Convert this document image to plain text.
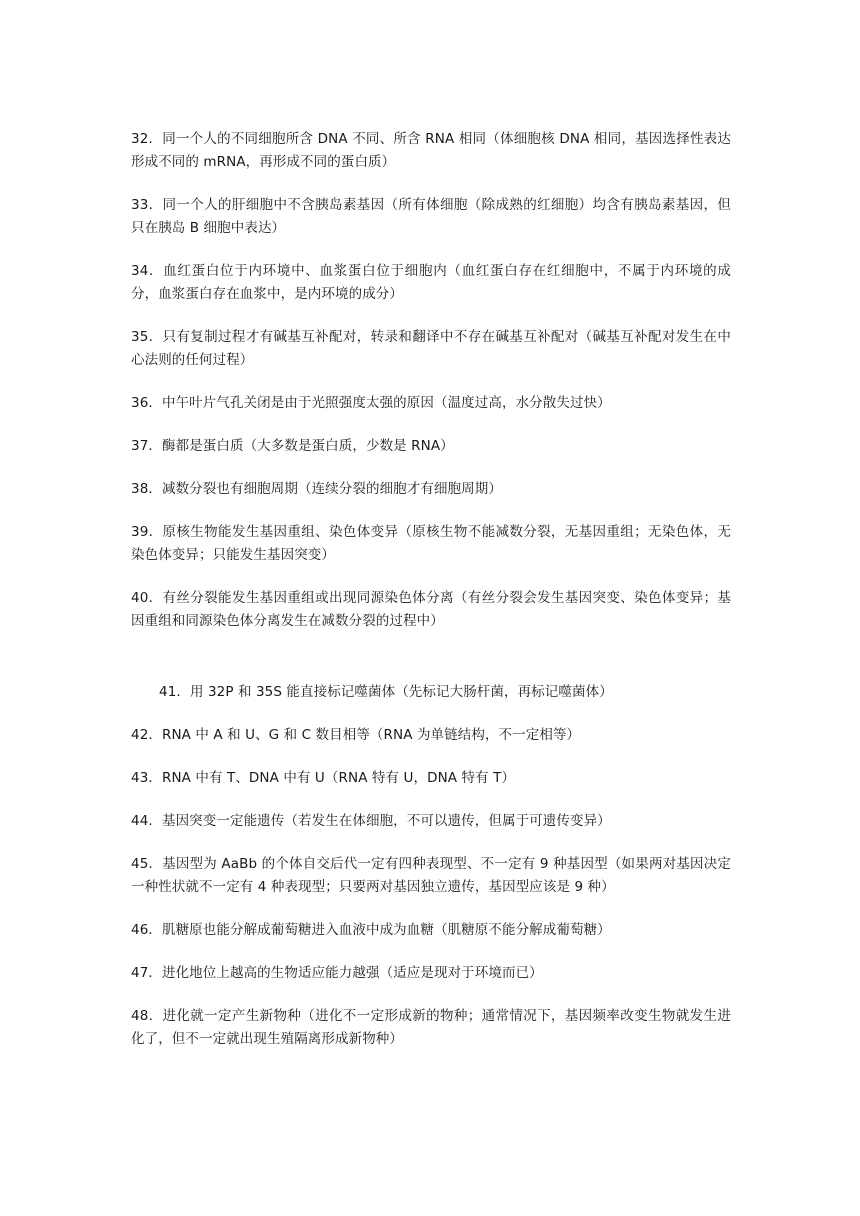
32．同一个人的不同细胞所含 DNA 不同、所含 RNA 相同（体细胞核 DNA 相同，基因选择性表达形成不同的 mRNA，再形成不同的蛋白质）

33．同一个人的肝细胞中不含胰岛素基因（所有体细胞（除成熟的红细胞）均含有胰岛素基因，但只在胰岛 B 细胞中表达）

34．血红蛋白位于内环境中、血浆蛋白位于细胞内（血红蛋白存在红细胞中，不属于内环境的成分，血浆蛋白存在血浆中，是内环境的成分）

35．只有复制过程才有碱基互补配对，转录和翻译中不存在碱基互补配对（碱基互补配对发生在中心法则的任何过程）

36．中午叶片气孔关闭是由于光照强度太强的原因（温度过高，水分散失过快）

37．酶都是蛋白质（大多数是蛋白质，少数是 RNA）

38．减数分裂也有细胞周期（连续分裂的细胞才有细胞周期）

39．原核生物能发生基因重组、染色体变异（原核生物不能减数分裂，无基因重组；无染色体，无染色体变异；只能发生基因突变）

40．有丝分裂能发生基因重组或出现同源染色体分离（有丝分裂会发生基因突变、染色体变异；基因重组和同源染色体分离发生在减数分裂的过程中）

41．用 32P 和 35S 能直接标记噬菌体（先标记大肠杆菌，再标记噬菌体）

42．RNA 中 A 和 U、G 和 C 数目相等（RNA 为单链结构，不一定相等）

43．RNA 中有 T、DNA 中有 U（RNA 特有 U，DNA 特有 T）

44．基因突变一定能遗传（若发生在体细胞，不可以遗传，但属于可遗传变异）

45．基因型为 AaBb 的个体自交后代一定有四种表现型、不一定有 9 种基因型（如果两对基因决定一种性状就不一定有 4 种表现型；只要两对基因独立遗传，基因型应该是 9 种）

46．肌糖原也能分解成葡萄糖进入血液中成为血糖（肌糖原不能分解成葡萄糖）

47．进化地位上越高的生物适应能力越强（适应是现对于环境而已）

48．进化就一定产生新物种（进化不一定形成新的物种；通常情况下，基因频率改变生物就发生进化了，但不一定就出现生殖隔离形成新物种）
